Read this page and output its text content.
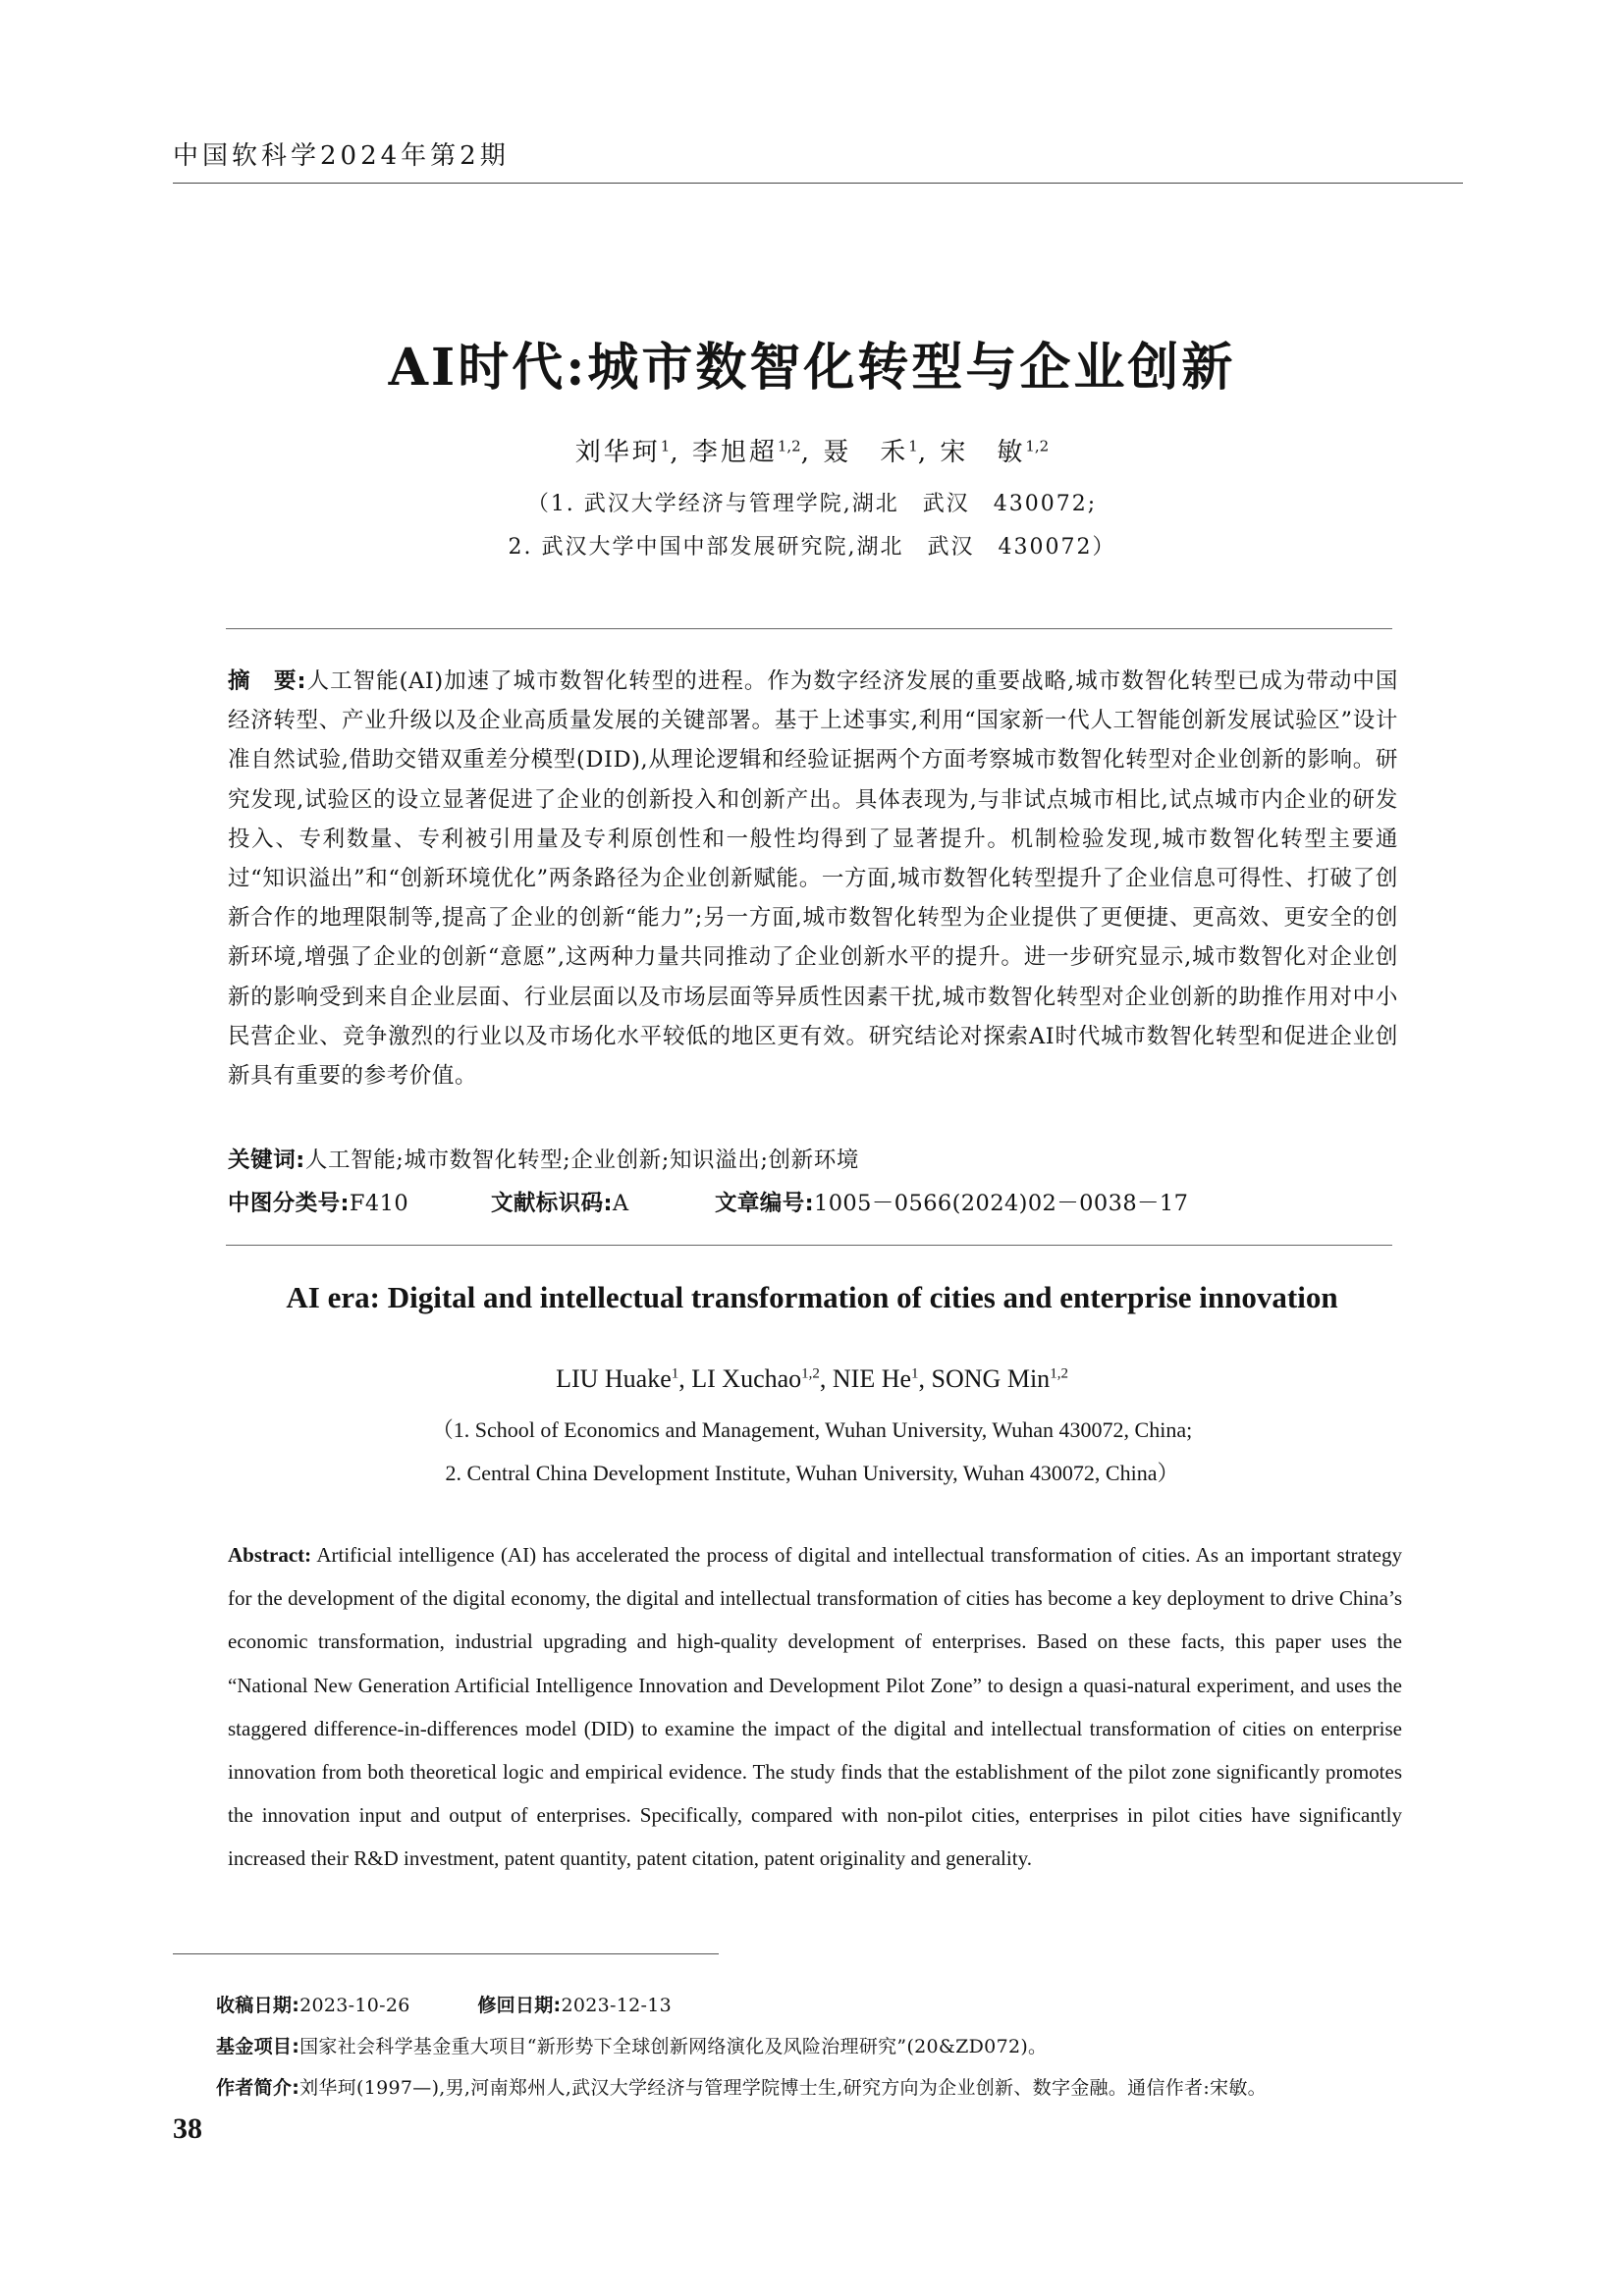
中国软科学2024年第2期
AI时代:城市数智化转型与企业创新
刘华珂$^1$, 李旭超$^{1,2}$, 聂　禾$^1$, 宋　敏$^{1,2}$
（1. 武汉大学经济与管理学院,湖北　武汉　430072;
2. 武汉大学中国中部发展研究院,湖北　武汉　430072）
摘　要:人工智能(AI)加速了城市数智化转型的进程。作为数字经济发展的重要战略,城市数智化转型已成为带动中国经济转型、产业升级以及企业高质量发展的关键部署。基于上述事实,利用“国家新一代人工智能创新发展试验区”设计准自然试验,借助交错双重差分模型(DID),从理论逻辑和经验证据两个方面考察城市数智化转型对企业创新的影响。研究发现,试验区的设立显著促进了企业的创新投入和创新产出。具体表现为,与非试点城市相比,试点城市内企业的研发投入、专利数量、专利被引用量及专利原创性和一般性均得到了显著提升。机制检验发现,城市数智化转型主要通过“知识溢出”和“创新环境优化”两条路径为企业创新赋能。一方面,城市数智化转型提升了企业信息可得性、打破了创新合作的地理限制等,提高了企业的创新“能力”;另一方面,城市数智化转型为企业提供了更便捷、更高效、更安全的创新环境,增强了企业的创新“意愿”,这两种力量共同推动了企业创新水平的提升。进一步研究显示,城市数智化对企业创新的影响受到来自企业层面、行业层面以及市场层面等异质性因素干扰,城市数智化转型对企业创新的助推作用对中小民营企业、竞争激烈的行业以及市场化水平较低的地区更有效。研究结论对探索AI时代城市数智化转型和促进企业创新具有重要的参考价值。
关键词:人工智能;城市数智化转型;企业创新;知识溢出;创新环境
中图分类号:F410	文献标识码:A	文章编号:1005－0566(2024)02－0038－17
AI era: Digital and intellectual transformation of cities and enterprise innovation
LIU Huake$^1$, LI Xuchao$^{1,2}$, NIE He$^1$, SONG Min$^{1,2}$
（1. School of Economics and Management, Wuhan University, Wuhan 430072, China;
2. Central China Development Institute, Wuhan University, Wuhan 430072, China）
Abstract: Artificial intelligence (AI) has accelerated the process of digital and intellectual transformation of cities. As an important strategy for the development of the digital economy, the digital and intellectual transformation of cities has become a key deployment to drive China’s economic transformation, industrial upgrading and high-quality development of enterprises. Based on these facts, this paper uses the “National New Generation Artificial Intelligence Innovation and Development Pilot Zone” to design a quasi-natural experiment, and uses the staggered difference-in-differences model (DID) to examine the impact of the digital and intellectual transformation of cities on enterprise innovation from both theoretical logic and empirical evidence. The study finds that the establishment of the pilot zone significantly promotes the innovation input and output of enterprises. Specifically, compared with non-pilot cities, enterprises in pilot cities have significantly increased their R&D investment, patent quantity, patent citation, patent originality and generality.
收稿日期:2023-10-26	修回日期:2023-12-13
基金项目:国家社会科学基金重大项目“新形势下全球创新网络演化及风险治理研究”(20&ZD072)。
作者简介:刘华珂(1997—),男,河南郑州人,武汉大学经济与管理学院博士生,研究方向为企业创新、数字金融。通信作者:宋敏。
38
